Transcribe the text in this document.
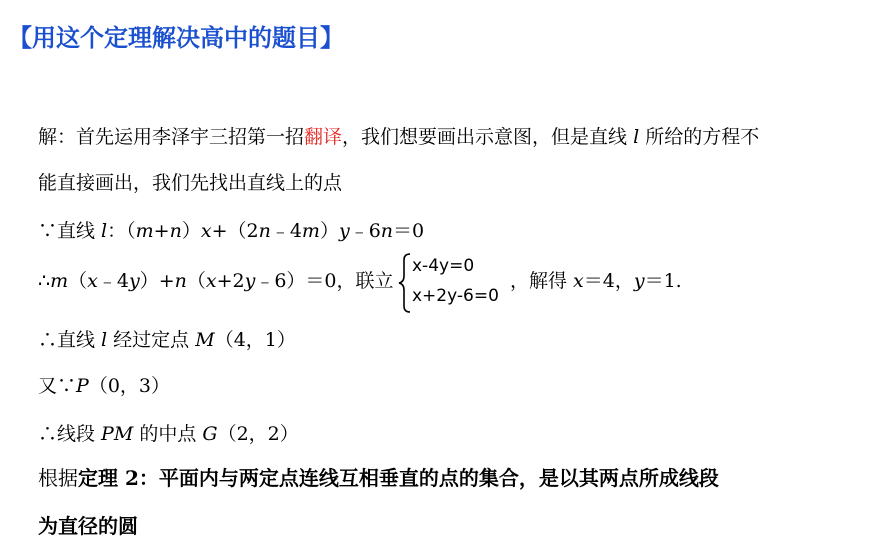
【用这个定理解决高中的题目】
解：首先运用李泽宇三招第一招翻译，我们想要画出示意图，但是直线 l 所给的方程不
能直接画出，我们先找出直线上的点
∵直线 l：（m+n）x+（2n﹣4m）y﹣6n＝0
∴m（x﹣4y）+n（x+2y﹣6）＝0，联立
x-4y=0
x+2y-6=0
，解得 x＝4，y＝1.
∴直线 l 经过定点 M（4，1）
又∵P（0，3）
∴线段 PM 的中点 G（2，2）
根据定理 2：平面内与两定点连线互相垂直的点的集合，是以其两点所成线段
为直径的圆
